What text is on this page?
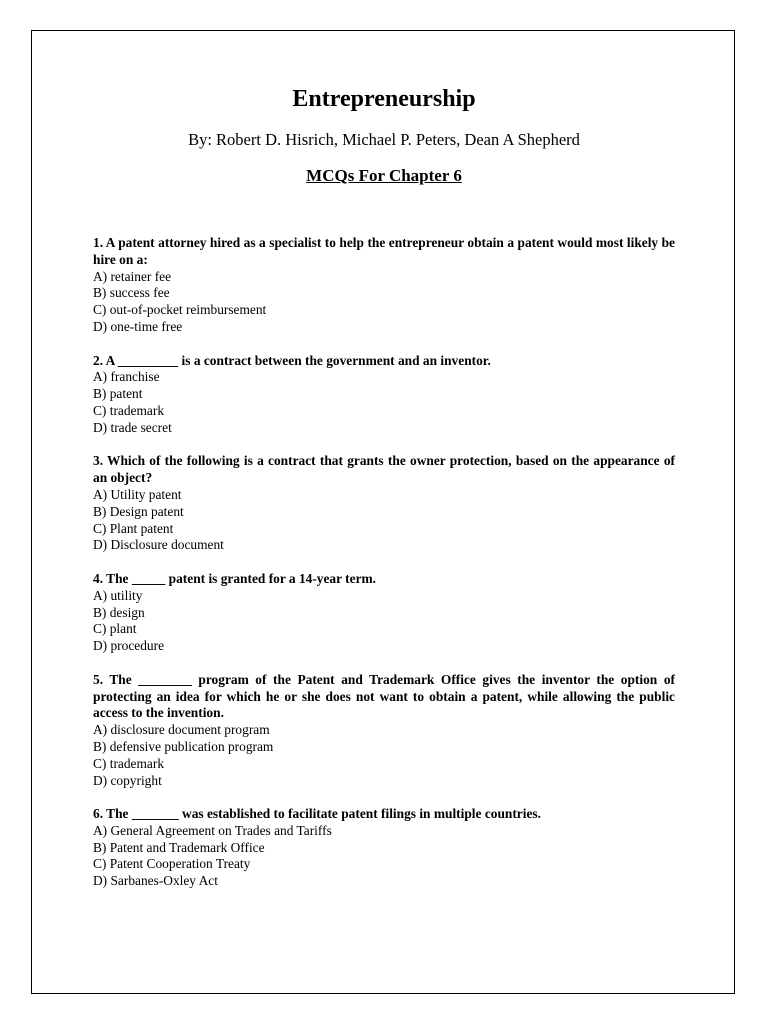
Entrepreneurship

By: Robert D. Hisrich, Michael P. Peters, Dean A Shepherd

MCQs For Chapter 6

1. A patent attorney hired as a specialist to help the entrepreneur obtain a patent would most likely be hire on a:

A) retainer fee

B) success fee

C) out-of-pocket reimbursement

D) one-time free

2. A _________ is a contract between the government and an inventor.

A) franchise

B) patent

C) trademark

D) trade secret

3. Which of the following is a contract that grants the owner protection, based on the appearance of an object?

A) Utility patent

B) Design patent

C) Plant patent

D) Disclosure document

4. The _____ patent is granted for a 14-year term.

A) utility

B) design

C) plant

D) procedure

5. The ________ program of the Patent and Trademark Office gives the inventor the option of protecting an idea for which he or she does not want to obtain a patent, while allowing the public access to the invention.

A) disclosure document program

B) defensive publication program

C) trademark

D) copyright

6. The _______ was established to facilitate patent filings in multiple countries.

A) General Agreement on Trades and Tariffs

B) Patent and Trademark Office

C) Patent Cooperation Treaty

D) Sarbanes-Oxley Act
